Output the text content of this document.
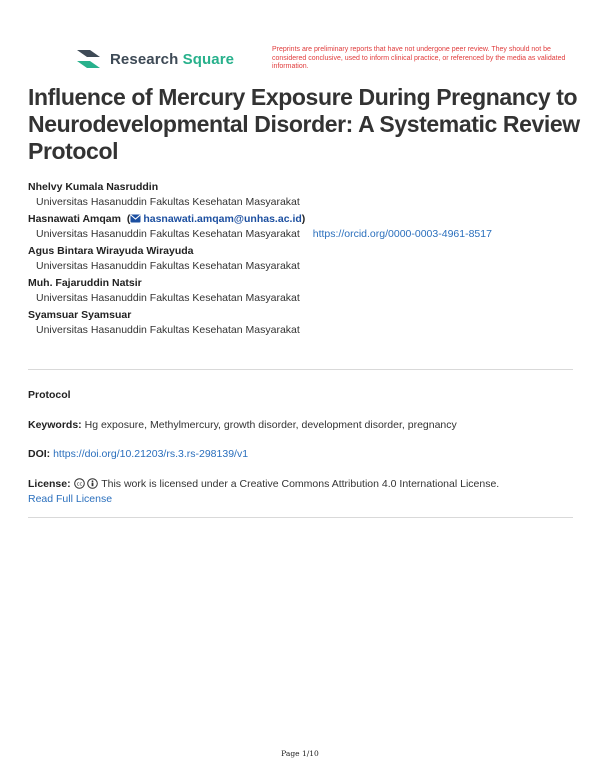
Research Square
Preprints are preliminary reports that have not undergone peer review. They should not be considered conclusive, used to inform clinical practice, or referenced by the media as validated information.
Influence of Mercury Exposure During Pregnancy to Neurodevelopmental Disorder: A Systematic Review Protocol
Nhelvy Kumala Nasruddin
Universitas Hasanuddin Fakultas Kesehatan Masyarakat
Hasnawati Amqam  ( hasnawati.amqam@unhas.ac.id)
Universitas Hasanuddin Fakultas Kesehatan Masyarakat https://orcid.org/0000-0003-4961-8517
Agus Bintara Wirayuda Wirayuda
Universitas Hasanuddin Fakultas Kesehatan Masyarakat
Muh. Fajaruddin Natsir
Universitas Hasanuddin Fakultas Kesehatan Masyarakat
Syamsuar Syamsuar
Universitas Hasanuddin Fakultas Kesehatan Masyarakat
Protocol
Keywords: Hg exposure, Methylmercury, growth disorder, development disorder, pregnancy
DOI: https://doi.org/10.21203/rs.3.rs-298139/v1
License: cc This work is licensed under a Creative Commons Attribution 4.0 International License.
Read Full License
Page 1/10
